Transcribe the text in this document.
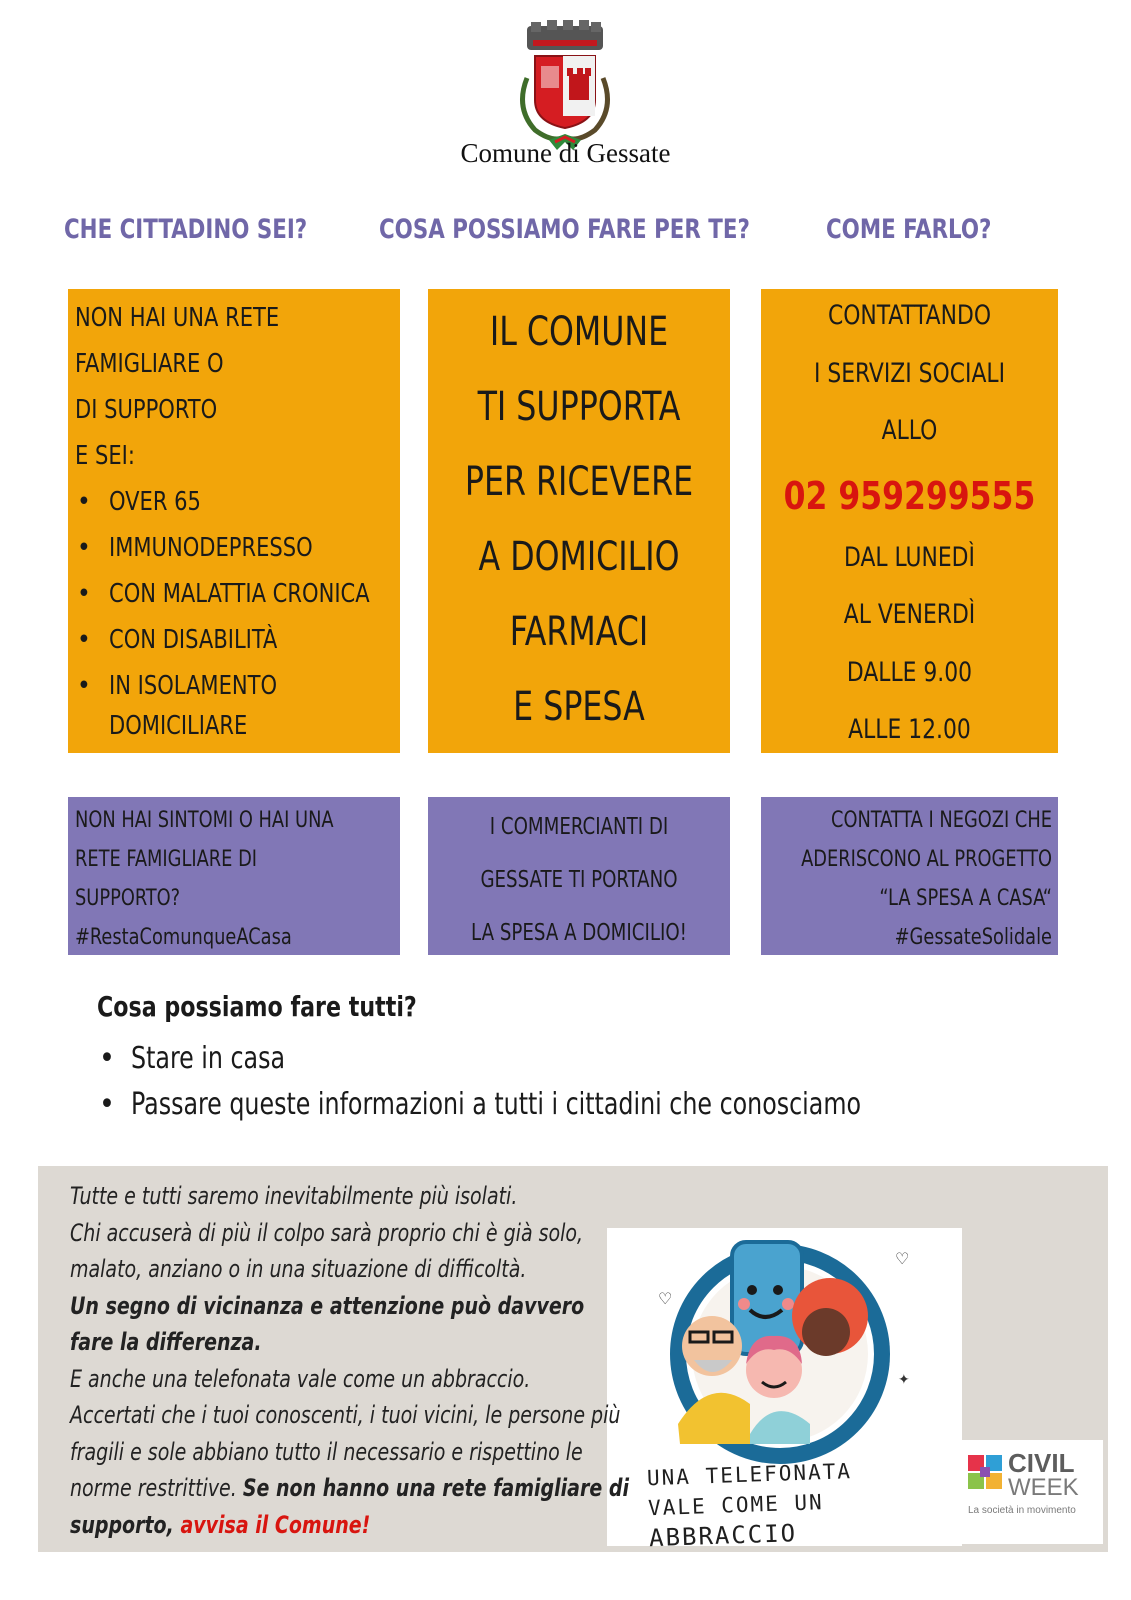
Comune di Gessate
CHE CITTADINO SEI?	COSA POSSIAMO FARE PER TE?	COME FARLO?
NON HAI UNA RETE
FAMIGLIARE O
DI SUPPORTO
E SEI:
• OVER 65
• IMMUNODEPRESSO
• CON MALATTIA CRONICA
• CON DISABILITÀ
• IN ISOLAMENTO
DOMICILIARE
IL COMUNE
TI SUPPORTA
PER RICEVERE
A DOMICILIO
FARMACI
E SPESA
CONTATTANDO
I SERVIZI SOCIALI
ALLO
02 959299555
DAL LUNEDÌ
AL VENERDÌ
DALLE 9.00
ALLE 12.00
NON HAI SINTOMI O HAI UNA
RETE FAMIGLIARE DI
SUPPORTO?
#RestaComunqueACasa
I COMMERCIANTI DI
GESSATE TI PORTANO
LA SPESA A DOMICILIO!
CONTATTA I NEGOZI CHE
ADERISCONO AL PROGETTO
“LA SPESA A CASA“
#GessateSolidale
Cosa possiamo fare tutti?
• Stare in casa
• Passare queste informazioni a tutti i cittadini che conosciamo
Tutte e tutti saremo inevitabilmente più isolati.
Chi accuserà di più il colpo sarà proprio chi è già solo,
malato, anziano o in una situazione di difficoltà.
Un segno di vicinanza e attenzione può davvero
fare la differenza.
E anche una telefonata vale come un abbraccio.
Accertati che i tuoi conoscenti, i tuoi vicini, le persone più
fragili e sole abbiano tutto il necessario e rispettino le
norme restrittive. Se non hanno una rete famigliare di
supporto, avvisa il Comune!
♡
♡
✦
UNA TELEFONATA
VALE COME UN
ABBRACCIO
CIVIL
WEEK
La società in movimento
